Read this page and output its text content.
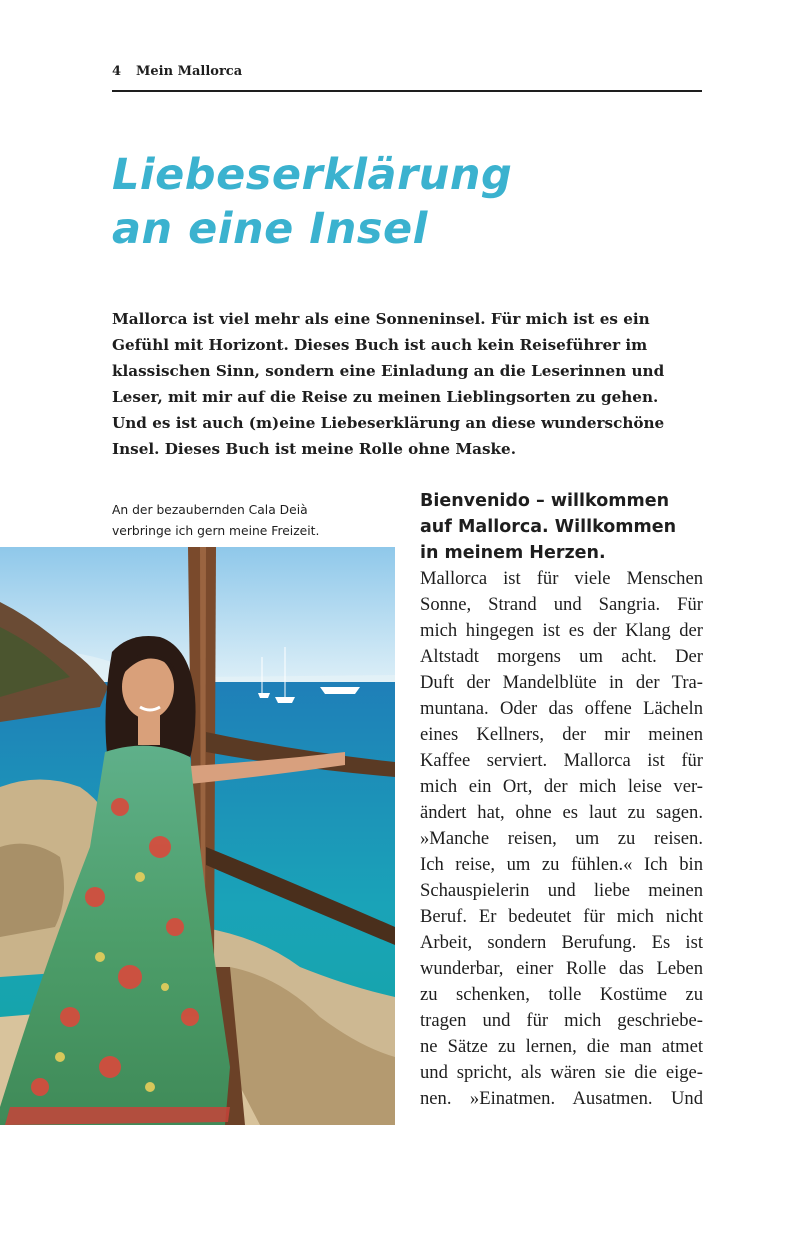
4 Mein Mallorca
Liebeserklärung
an eine Insel
Mallorca ist viel mehr als eine Sonneninsel. Für mich ist es ein
Gefühl mit Horizont. Dieses Buch ist auch kein Reiseführer im
klassischen Sinn, sondern eine Einladung an die Leserinnen und
Leser, mit mir auf die Reise zu meinen Lieblingsorten zu gehen.
Und es ist auch (m)eine Liebeserklärung an diese wunderschöne
Insel. Dieses Buch ist meine Rolle ohne Maske.
An der bezaubernden Cala Deià
verbringe ich gern meine Freizeit.
Bienvenido – willkommen
auf Mallorca. Willkommen
in meinem Herzen.
Mallorca ist für viele Menschen
Sonne, Strand und Sangria. Für
mich hingegen ist es der Klang der
Altstadt morgens um acht. Der
Duft der Mandelblüte in der Tra-
muntana. Oder das offene Lächeln
eines Kellners, der mir meinen
Kaffee serviert. Mallorca ist für
mich ein Ort, der mich leise ver-
ändert hat, ohne es laut zu sagen.
»Manche reisen, um zu reisen.
Ich reise, um zu fühlen.« Ich bin
Schauspielerin und liebe meinen
Beruf. Er bedeutet für mich nicht
Arbeit, sondern Berufung. Es ist
wunderbar, einer Rolle das Leben
zu schenken, tolle Kostüme zu
tragen und für mich geschriebe-
ne Sätze zu lernen, die man atmet
und spricht, als wären sie die eige-
nen. »Einatmen. Ausatmen. Und
